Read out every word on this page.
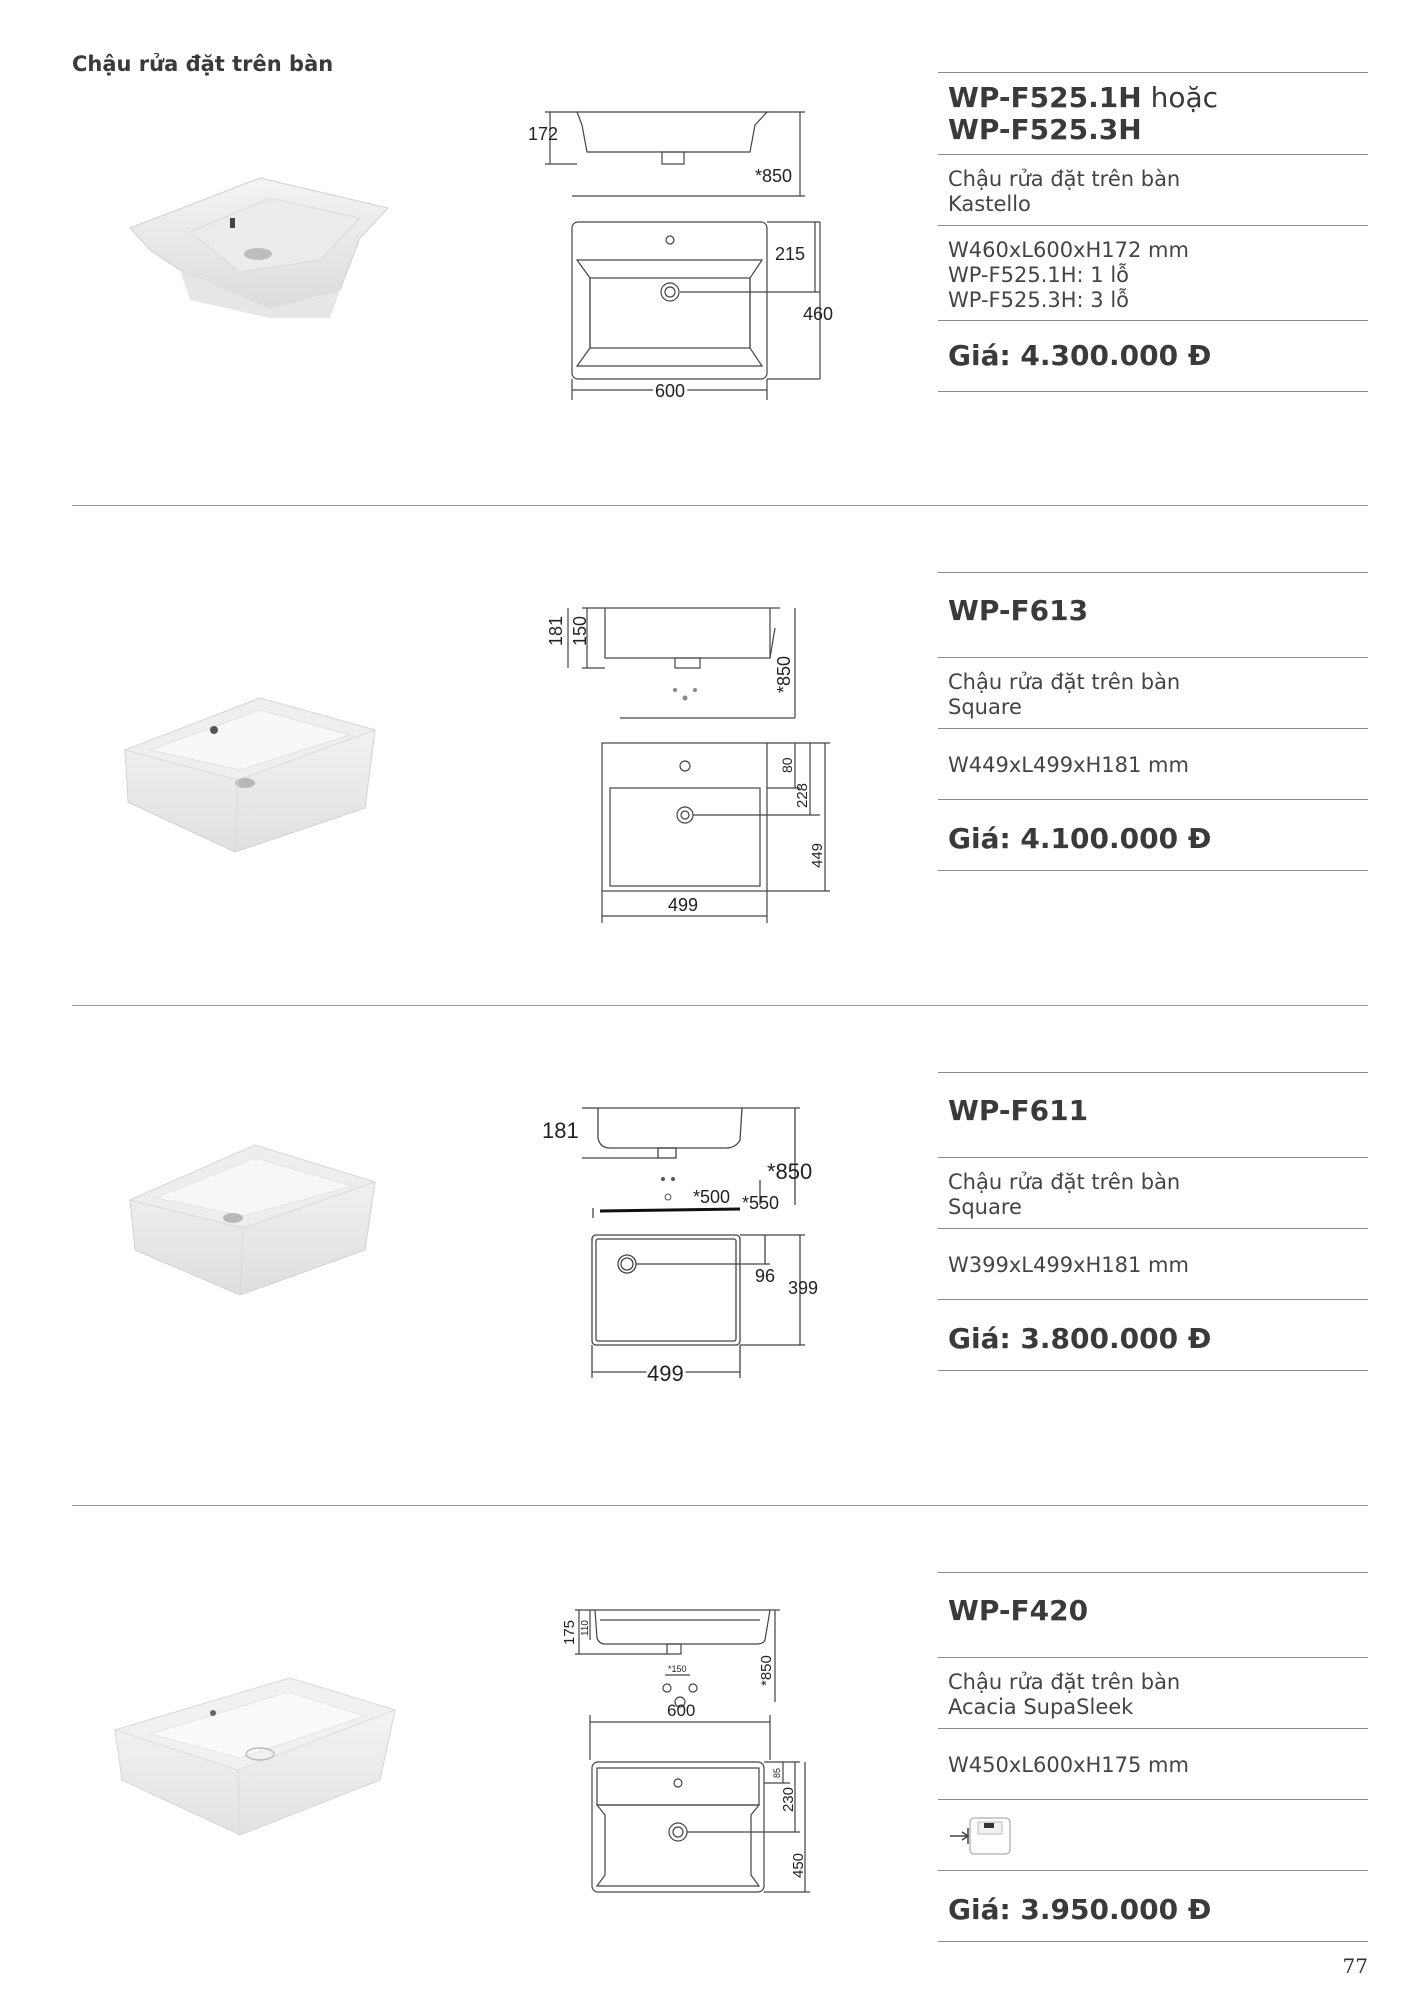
Chậu rửa đặt trên bàn
172
*850
215
460
600
WP-F525.1H hoặc
WP-F525.3H
Chậu rửa đặt trên bàn
Kastello
W460xL600xH172 mm
WP-F525.1H: 1 lỗ
WP-F525.3H: 3 lỗ
Giá: 4.300.000 Đ
181 150
*850
80
228
449
499
WP-F613
Chậu rửa đặt trên bàn
Square
W449xL499xH181 mm
Giá: 4.100.000 Đ
181
*850
*500 *550
96
399
499
WP-F611
Chậu rửa đặt trên bàn
Square
W399xL499xH181 mm
Giá: 3.800.000 Đ
175 110
*150	*850
600
85
230
450
WP-F420
Chậu rửa đặt trên bàn
Acacia SupaSleek
W450xL600xH175 mm
Giá: 3.950.000 Đ
77
